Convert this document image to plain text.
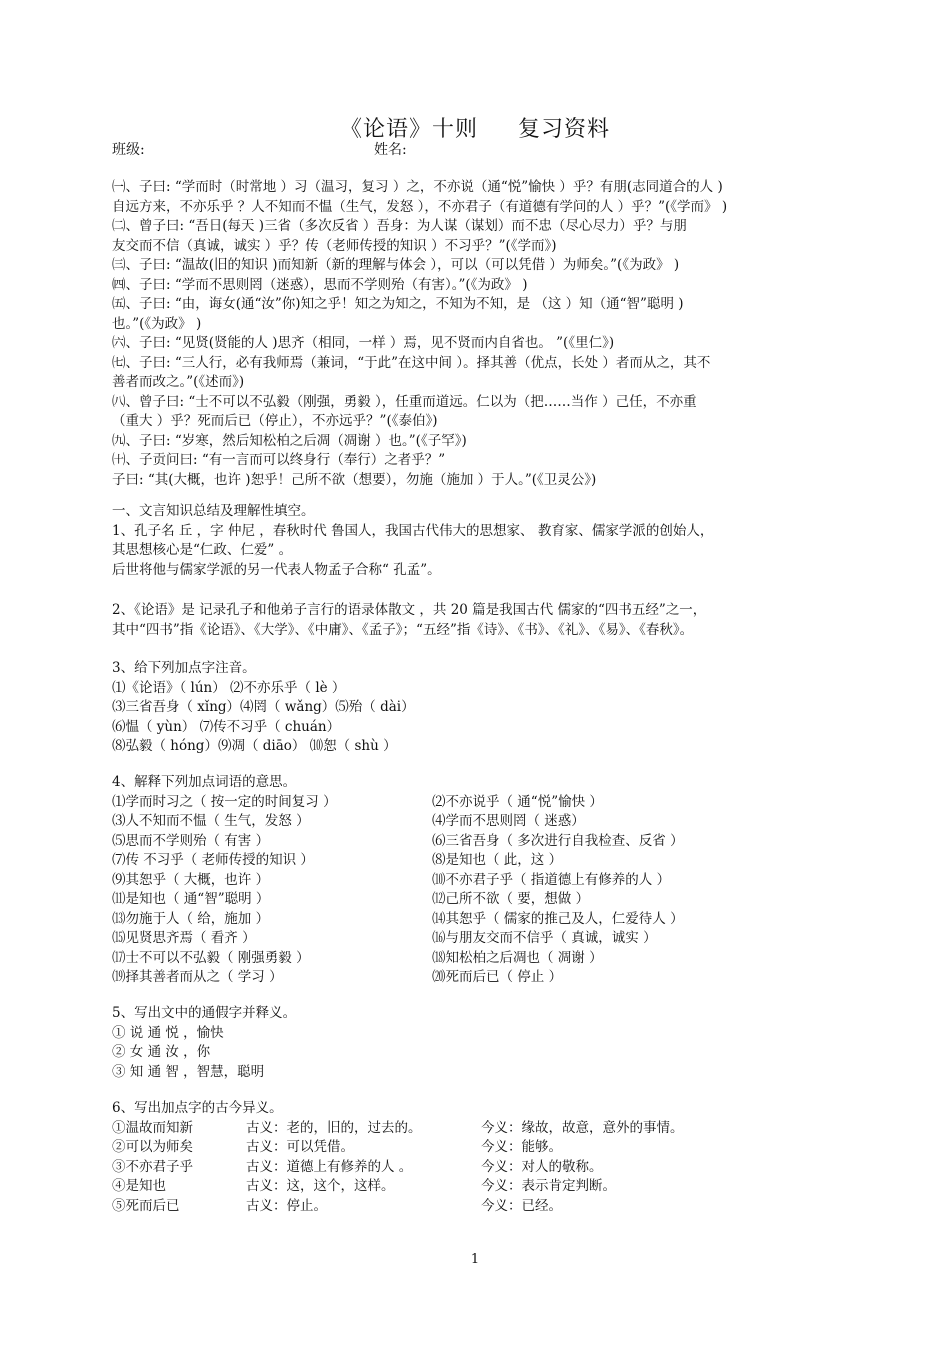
《论语》十则 复习资料
班级:	姓名:
㈠、子曰: “学而时（时常地 ）习（温习，复习 ）之，不亦说（通“悦”愉快 ）乎？有朋(志同道合的人 )
自远方来，不亦乐乎 ？人不知而不愠（生气，发怒 ），不亦君子（有道德有学问的人 ）乎？”(《学而》 )
㈡、曾子曰: “吾日(每天 )三省（多次反省 ）吾身：为人谋（谋划）而不忠（尽心尽力）乎？与朋
友交而不信（真诚，诚实 ）乎？传（老师传授的知识 ）不习乎？”(《学而》)
㈢、子曰: “温故(旧的知识 )而知新（新的理解与体会 ），可以（可以凭借 ）为师矣。”(《为政》 )
㈣、子曰: “学而不思则罔（迷惑），思而不学则殆（有害）。”(《为政》 )
㈤、子曰: “由，诲女(通“汝”你)知之乎！知之为知之，不知为不知，是 （这 ）知（通“智”聪明 )
也。”(《为政》 )
㈥、子曰: “见贤(贤能的人 )思齐（相同，一样 ）焉，见不贤而内自省也。 ”(《里仁》)
㈦、子曰: “三人行，必有我师焉（兼词，“于此”在这中间 ）。择其善（优点，长处 ）者而从之，其不
善者而改之。”(《述而》)
㈧、曾子曰: “士不可以不弘毅（刚强，勇毅 ），任重而道远。仁以为（把……当作 ）己任，不亦重
（重大 ）乎？死而后已（停止），不亦远乎？”(《泰伯》)
㈨、子曰: “岁寒，然后知松柏之后凋（凋谢 ）也。”(《子罕》)
㈩、子贡问曰: “有一言而可以终身行（奉行）之者乎？”
子曰: “其(大概，也许 )恕乎！己所不欲（想要），勿施（施加 ）于人。”(《卫灵公》)
一、文言知识总结及理解性填空。
1、孔子名 丘 ，字 仲尼 ，春秋时代 鲁国人，我国古代伟大的思想家、 教育家、儒家学派的创始人，
其思想核心是“仁政、仁爱” 。
后世将他与儒家学派的另一代表人物孟子合称“ 孔孟”。
2、《论语》是 记录孔子和他弟子言行的语录体散文 ，共 20 篇是我国古代 儒家的“四书五经”之一，
其中“四书”指《论语》、《大学》、《中庸》、《孟子》；“五经”指《诗》、《书》、《礼》、《易》、《春秋》。
3、给下列加点字注音。
⑴《论语》（ lún） ⑵不亦乐乎（ lè ）
⑶三省吾身（ xǐng）⑷罔（ wǎng）⑸殆（ dài）
⑹愠（ yùn） ⑺传不习乎（ chuán）
⑻弘毅（ hóng）⑼凋（ diāo） ⑽恕（ shù ）
4、解释下列加点词语的意思。
⑴学而时习之（ 按一定的时间复习 ）	⑵不亦说乎（ 通“悦”愉快 ）
⑶人不知而不愠（ 生气，发怒 ）	⑷学而不思则罔（ 迷惑）
⑸思而不学则殆（ 有害 ）	⑹三省吾身（ 多次进行自我检查、反省 ）
⑺传 不习乎（ 老师传授的知识 ）	⑻是知也（ 此，这 ）
⑼其恕乎（ 大概，也许 ）	⑽不亦君子乎（ 指道德上有修养的人 ）
⑾是知也（ 通“智”聪明 ）	⑿己所不欲（ 要，想做 ）
⒀勿施于人（ 给，施加 ）	⒁其恕乎（ 儒家的推己及人，仁爱待人 ）
⒂见贤思齐焉（ 看齐 ）	⒃与朋友交而不信乎（ 真诚，诚实 ）
⒄士不可以不弘毅（ 刚强勇毅 ）	⒅知松柏之后凋也（ 凋谢 ）
⒆择其善者而从之（ 学习 ）	⒇死而后已（ 停止 ）
5、写出文中的通假字并释义。
① 说 通 悦 ，愉快
② 女 通 汝 ，你
③ 知 通 智 ，智慧，聪明
6、写出加点字的古今异义。
①温故而知新	古义：老的，旧的，过去的。	今义：缘故，故意，意外的事情。
②可以为师矣	古义：可以凭借。	今义：能够。
③不亦君子乎	古义：道德上有修养的人 。	今义：对人的敬称。
④是知也	古义：这，这个，这样。	今义：表示肯定判断。
⑤死而后已	古义：停止。	今义：已经。
1
